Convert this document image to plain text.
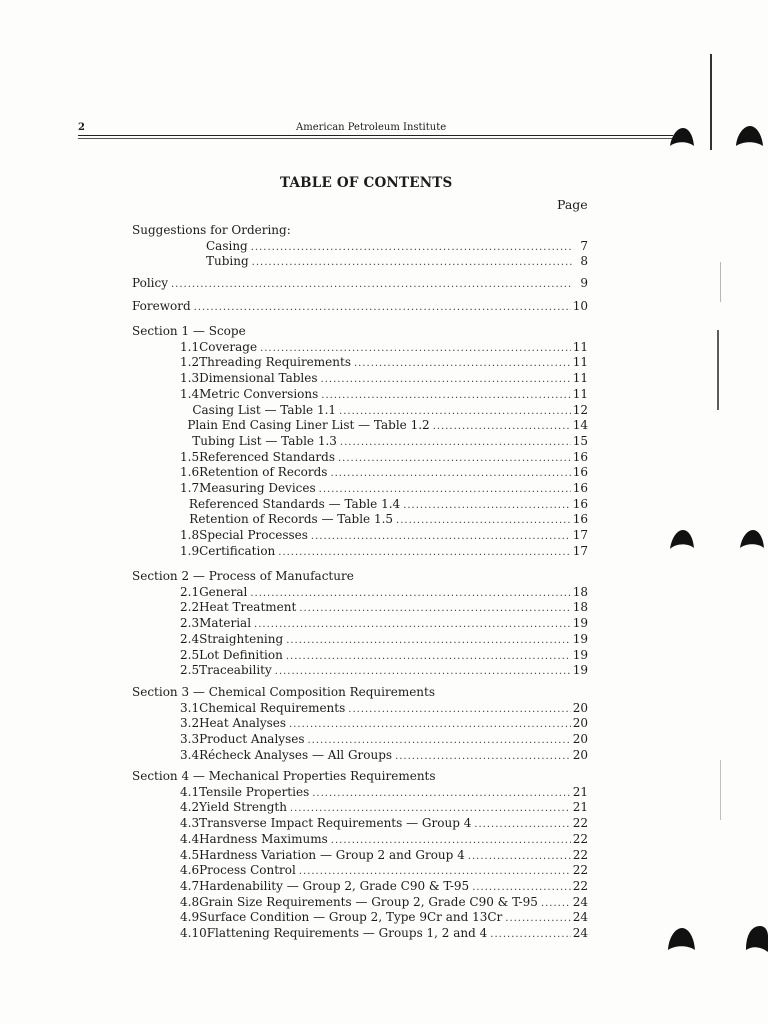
2	American Petroleum Institute
TABLE OF CONTENTS
Page
Suggestions for Ordering:
Casing .....	7
Tubing .....	8
Policy .....	9
Foreword .....	10
Section 1 — Scope
1.1 Coverage .....	11
1.2 Threading Requirements .....	11
1.3 Dimensional Tables .....	11
1.4 Metric Conversions .....	11
Casing List — Table 1.1 .....	12
Plain End Casing Liner List — Table 1.2 .....	14
Tubing List — Table 1.3 .....	15
1.5 Referenced Standards .....	16
1.6 Retention of Records .....	16
1.7 Measuring Devices .....	16
Referenced Standards — Table 1.4 .....	16
Retention of Records — Table 1.5 .....	16
1.8 Special Processes .....	17
1.9 Certification .....	17
Section 2 — Process of Manufacture
2.1 General .....	18
2.2 Heat Treatment .....	18
2.3 Material .....	19
2.4 Straightening .....	19
2.5 Lot Definition .....	19
2.5 Traceability .....	19
Section 3 — Chemical Composition Requirements
3.1 Chemical Requirements .....	20
3.2 Heat Analyses .....	20
3.3 Product Analyses .....	20
3.4 Récheck Analyses — All Groups .....	20
Section 4 — Mechanical Properties Requirements
4.1 Tensile Properties .....	21
4.2 Yield Strength .....	21
4.3 Transverse Impact Requirements — Group 4 .....	22
4.4 Hardness Maximums .....	22
4.5 Hardness Variation — Group 2 and Group 4 .....	22
4.6 Process Control .....	22
4.7 Hardenability — Group 2, Grade C90 & T-95 .....	22
4.8 Grain Size Requirements — Group 2, Grade C90 & T-95 .....	24
4.9 Surface Condition — Group 2, Type 9Cr and 13Cr .....	24
4.10 Flattening Requirements — Groups 1, 2 and 4 .....	24
